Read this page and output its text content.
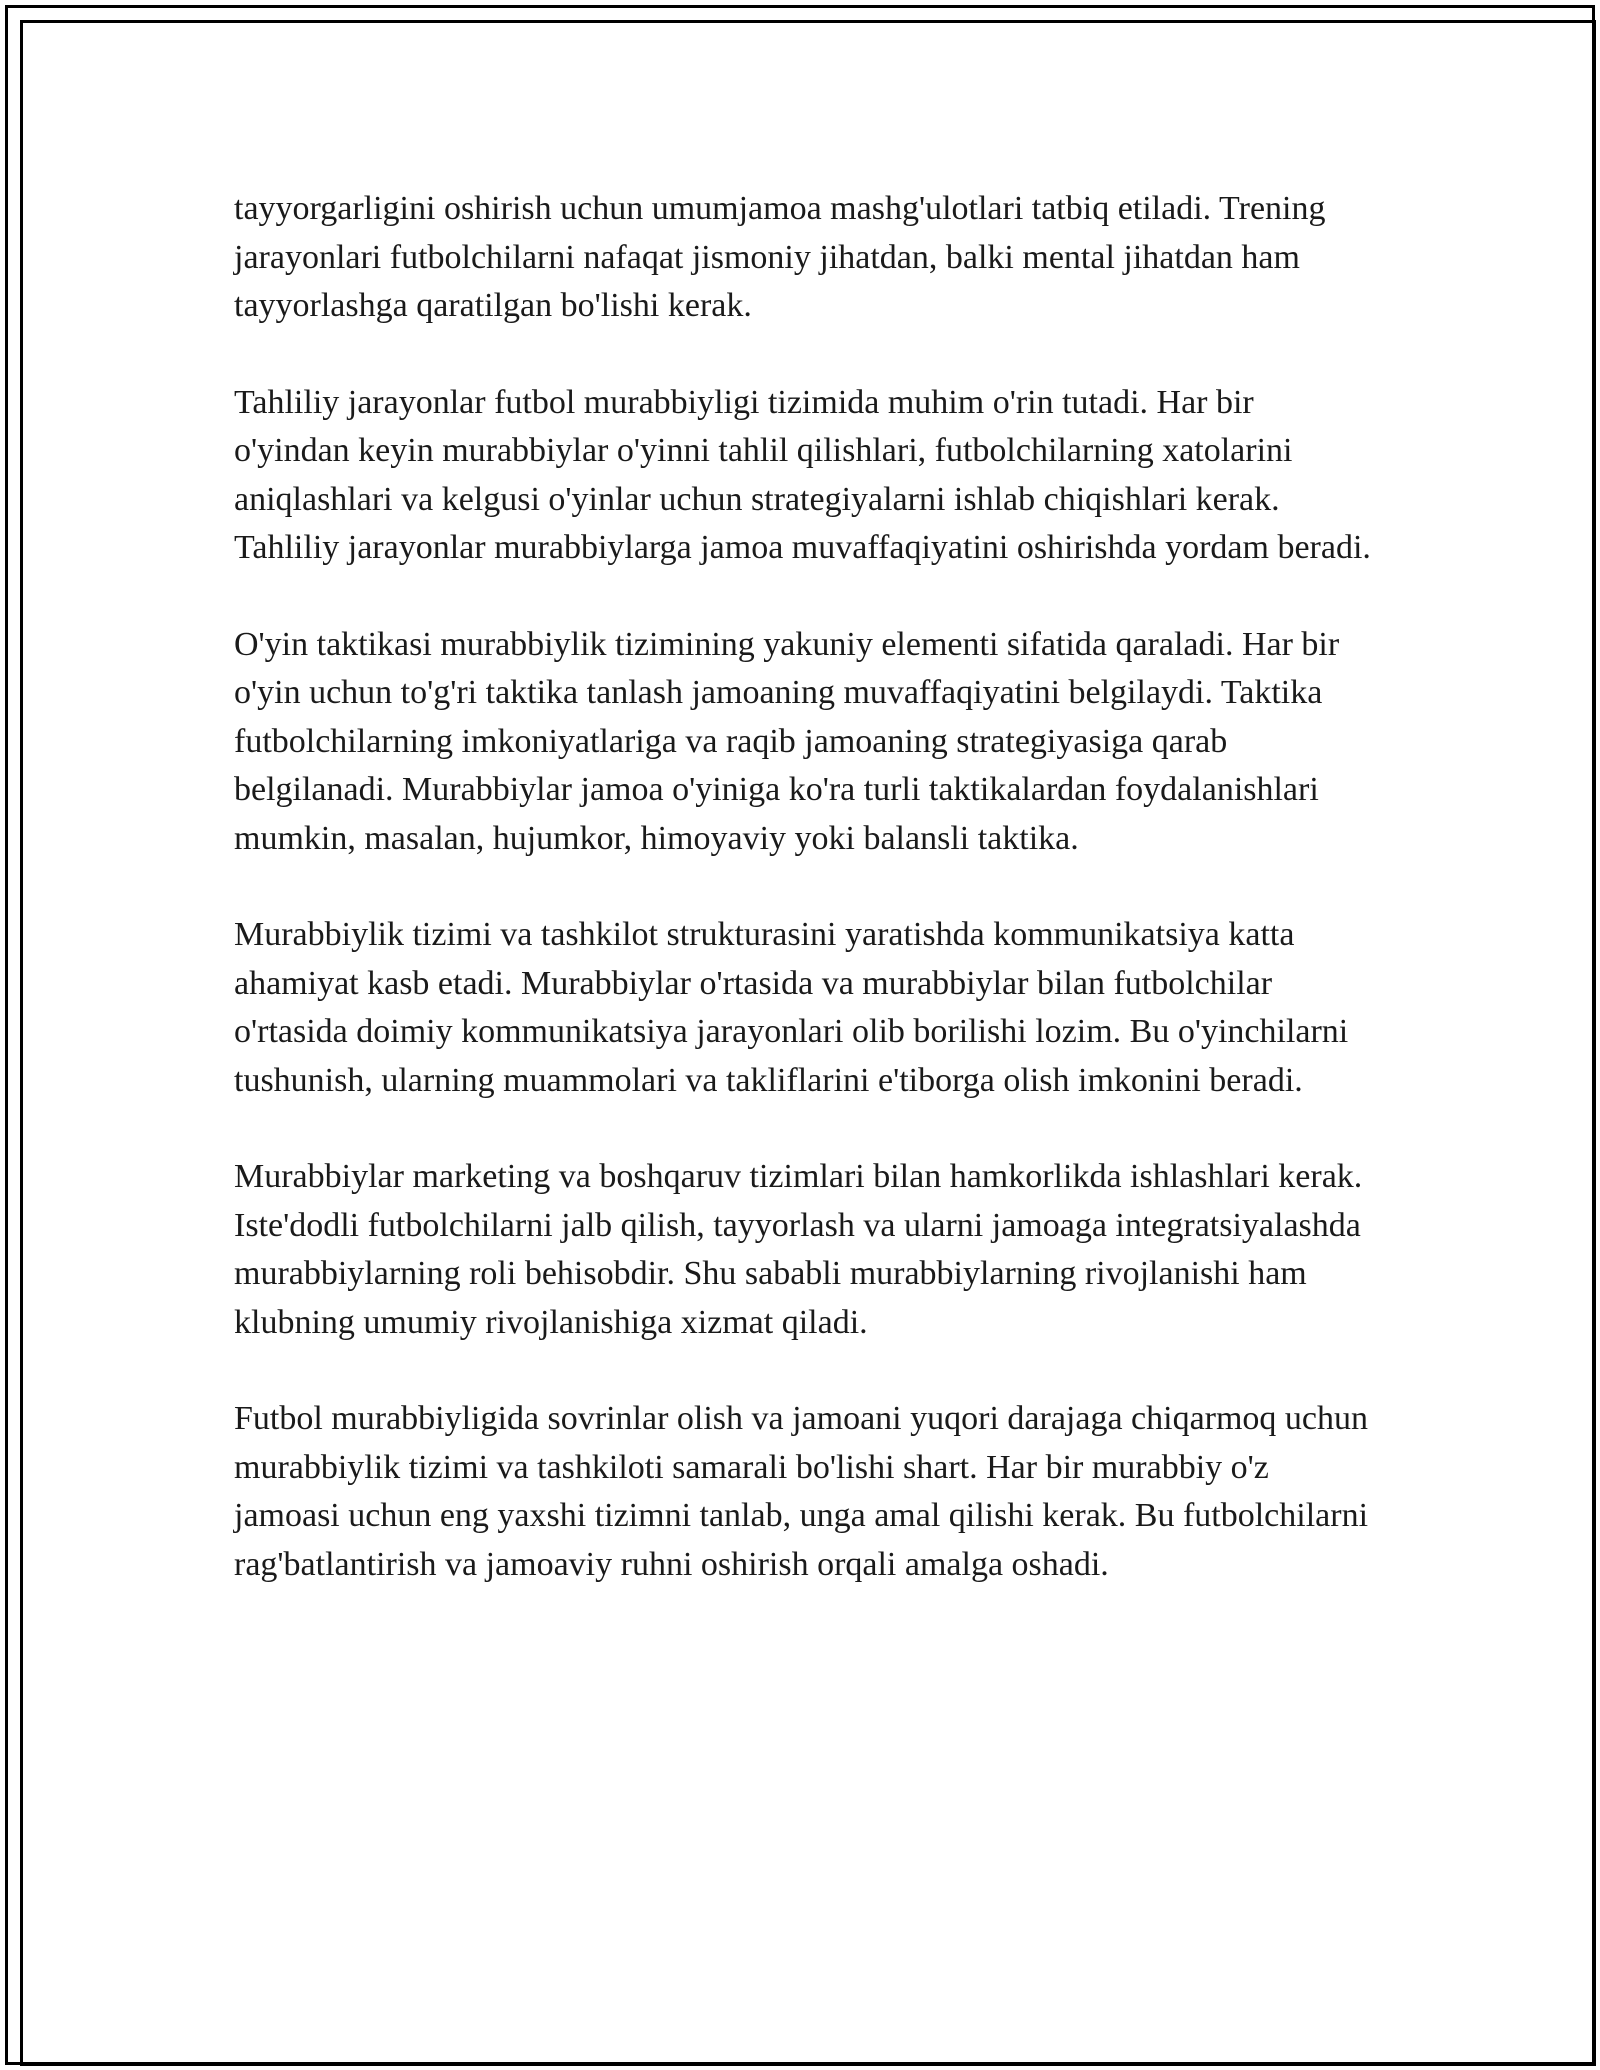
tayyorgarligini oshirish uchun umumjamoa mashg'ulotlari tatbiq etiladi. Trening jarayonlari futbolchilarni nafaqat jismoniy jihatdan, balki mental jihatdan ham tayyorlashga qaratilgan bo'lishi kerak.

Tahliliy jarayonlar futbol murabbiyligi tizimida muhim o'rin tutadi. Har bir o'yindan keyin murabbiylar o'yinni tahlil qilishlari, futbolchilarning xatolarini aniqlashlari va kelgusi o'yinlar uchun strategiyalarni ishlab chiqishlari kerak. Tahliliy jarayonlar murabbiylarga jamoa muvaffaqiyatini oshirishda yordam beradi.

O'yin taktikasi murabbiylik tizimining yakuniy elementi sifatida qaraladi. Har bir o'yin uchun to'g'ri taktika tanlash jamoaning muvaffaqiyatini belgilaydi. Taktika futbolchilarning imkoniyatlariga va raqib jamoaning strategiyasiga qarab belgilanadi. Murabbiylar jamoa o'yiniga ko'ra turli taktikalardan foydalanishlari mumkin, masalan, hujumkor, himoyaviy yoki balansli taktika.

Murabbiylik tizimi va tashkilot strukturasini yaratishda kommunikatsiya katta ahamiyat kasb etadi. Murabbiylar o'rtasida va murabbiylar bilan futbolchilar o'rtasida doimiy kommunikatsiya jarayonlari olib borilishi lozim. Bu o'yinchilarni tushunish, ularning muammolari va takliflarini e'tiborga olish imkonini beradi.

Murabbiylar marketing va boshqaruv tizimlari bilan hamkorlikda ishlashlari kerak. Iste'dodli futbolchilarni jalb qilish, tayyorlash va ularni jamoaga integratsiyalashda murabbiylarning roli behisobdir. Shu sababli murabbiylarning rivojlanishi ham klubning umumiy rivojlanishiga xizmat qiladi.

Futbol murabbiyligida sovrinlar olish va jamoani yuqori darajaga chiqarmoq uchun murabbiylik tizimi va tashkiloti samarali bo'lishi shart. Har bir murabbiy o'z jamoasi uchun eng yaxshi tizimni tanlab, unga amal qilishi kerak. Bu futbolchilarni rag'batlantirish va jamoaviy ruhni oshirish orqali amalga oshadi.
